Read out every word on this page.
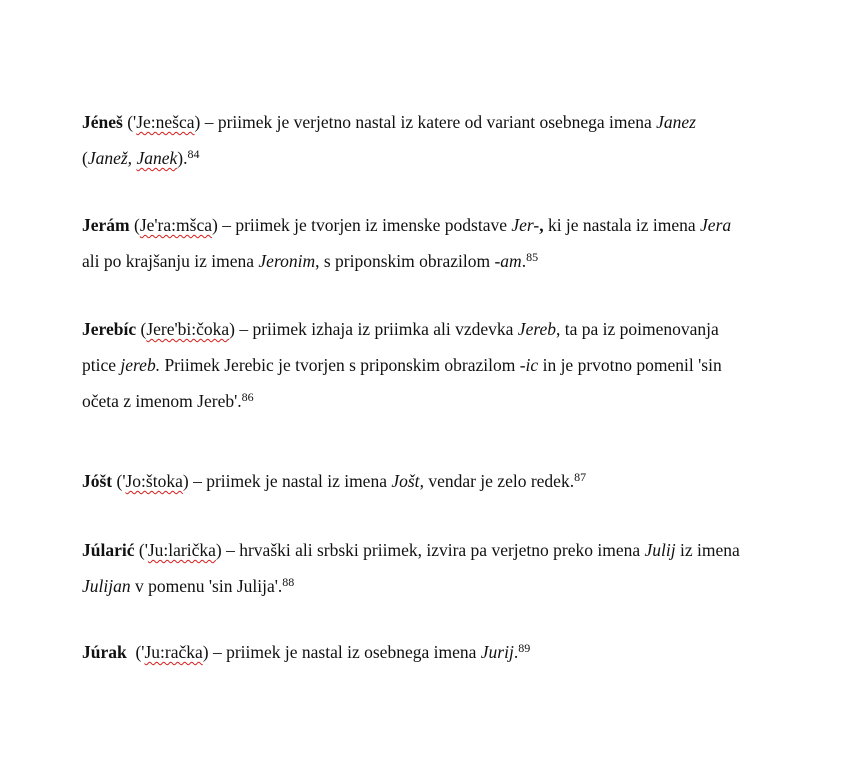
Jéneš ('Je:nešca) – priimek je verjetno nastal iz katere od variant osebnega imena Janez
(Janež, Janek).$^{84}$

Jerám (Je'ra:mšca) – priimek je tvorjen iz imenske podstave Jer-, ki je nastala iz imena Jera
ali po krajšanju iz imena Jeronim, s priponskim obrazilom -am.$^{85}$

Jerebíc (Jere'bi:čoka) – priimek izhaja iz priimka ali vzdevka Jereb, ta pa iz poimenovanja
ptice jereb. Priimek Jerebic je tvorjen s priponskim obrazilom -ic in je prvotno pomenil 'sin
očeta z imenom Jereb'.$^{86}$

Jóšt ('Jo:štoka) – priimek je nastal iz imena Jošt, vendar je zelo redek.$^{87}$

Júlarić ('Ju:laričkа) – hrvaški ali srbski priimek, izvira pa verjetno preko imena Julij iz imena
Julijan v pomenu 'sin Julija'.$^{88}$

Júrak  ('Ju:račka) – priimek je nastal iz osebnega imena Jurij.$^{89}$
